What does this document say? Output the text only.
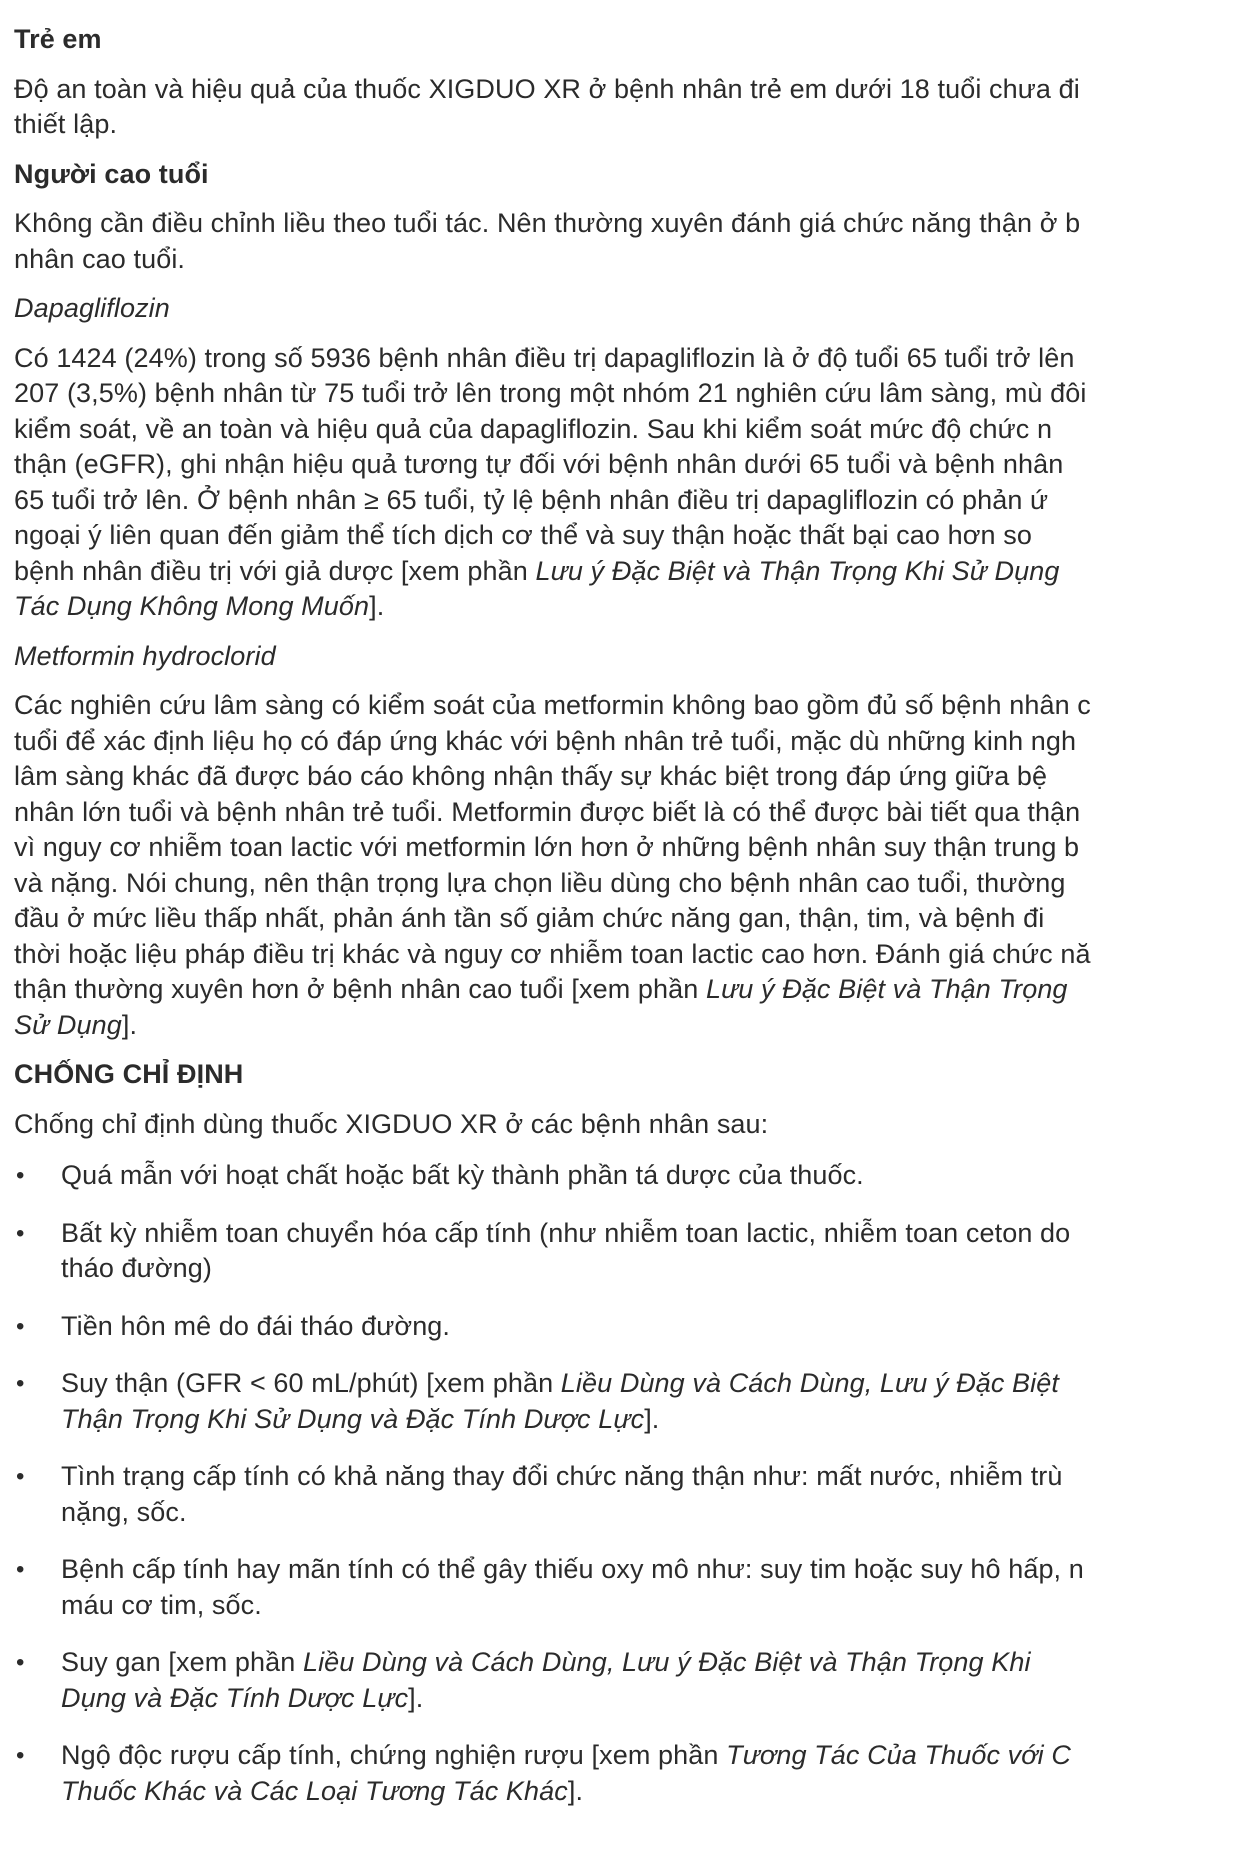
Trẻ em
Độ an toàn và hiệu quả của thuốc XIGDUO XR ở bệnh nhân trẻ em dưới 18 tuổi chưa đi
thiết lập.
Người cao tuổi
Không cần điều chỉnh liều theo tuổi tác. Nên thường xuyên đánh giá chức năng thận ở b
nhân cao tuổi.
Dapagliflozin
Có 1424 (24%) trong số 5936 bệnh nhân điều trị dapagliflozin là ở độ tuổi 65 tuổi trở lên
207 (3,5%) bệnh nhân từ 75 tuổi trở lên trong một nhóm 21 nghiên cứu lâm sàng, mù đôi
kiểm soát, về an toàn và hiệu quả của dapagliflozin. Sau khi kiểm soát mức độ chức n
thận (eGFR), ghi nhận hiệu quả tương tự đối với bệnh nhân dưới 65 tuổi và bệnh nhân
65 tuổi trở lên. Ở bệnh nhân ≥ 65 tuổi, tỷ lệ bệnh nhân điều trị dapagliflozin có phản ứ
ngoại ý liên quan đến giảm thể tích dịch cơ thể và suy thận hoặc thất bại cao hơn so
bệnh nhân điều trị với giả dược [xem phần Lưu ý Đặc Biệt và Thận Trọng Khi Sử Dụng
Tác Dụng Không Mong Muốn].
Metformin hydroclorid
Các nghiên cứu lâm sàng có kiểm soát của metformin không bao gồm đủ số bệnh nhân c
tuổi để xác định liệu họ có đáp ứng khác với bệnh nhân trẻ tuổi, mặc dù những kinh ngh
lâm sàng khác đã được báo cáo không nhận thấy sự khác biệt trong đáp ứng giữa bệ
nhân lớn tuổi và bệnh nhân trẻ tuổi. Metformin được biết là có thể được bài tiết qua thận
vì nguy cơ nhiễm toan lactic với metformin lớn hơn ở những bệnh nhân suy thận trung b
và nặng. Nói chung, nên thận trọng lựa chọn liều dùng cho bệnh nhân cao tuổi, thường
đầu ở mức liều thấp nhất, phản ánh tần số giảm chức năng gan, thận, tim, và bệnh đi
thời hoặc liệu pháp điều trị khác và nguy cơ nhiễm toan lactic cao hơn. Đánh giá chức nă
thận thường xuyên hơn ở bệnh nhân cao tuổi [xem phần Lưu ý Đặc Biệt và Thận Trọng
Sử Dụng].
CHỐNG CHỈ ĐỊNH
Chống chỉ định dùng thuốc XIGDUO XR ở các bệnh nhân sau:
• Quá mẫn với hoạt chất hoặc bất kỳ thành phần tá dược của thuốc.
• Bất kỳ nhiễm toan chuyển hóa cấp tính (như nhiễm toan lactic, nhiễm toan ceton do
tháo đường)
• Tiền hôn mê do đái tháo đường.
• Suy thận (GFR < 60 mL/phút) [xem phần Liều Dùng và Cách Dùng, Lưu ý Đặc Biệt
Thận Trọng Khi Sử Dụng và Đặc Tính Dược Lực].
• Tình trạng cấp tính có khả năng thay đổi chức năng thận như: mất nước, nhiễm trù
nặng, sốc.
• Bệnh cấp tính hay mãn tính có thể gây thiếu oxy mô như: suy tim hoặc suy hô hấp, n
máu cơ tim, sốc.
• Suy gan [xem phần Liều Dùng và Cách Dùng, Lưu ý Đặc Biệt và Thận Trọng Khi
Dụng và Đặc Tính Dược Lực].
• Ngộ độc rượu cấp tính, chứng nghiện rượu [xem phần Tương Tác Của Thuốc với C
Thuốc Khác và Các Loại Tương Tác Khác].
